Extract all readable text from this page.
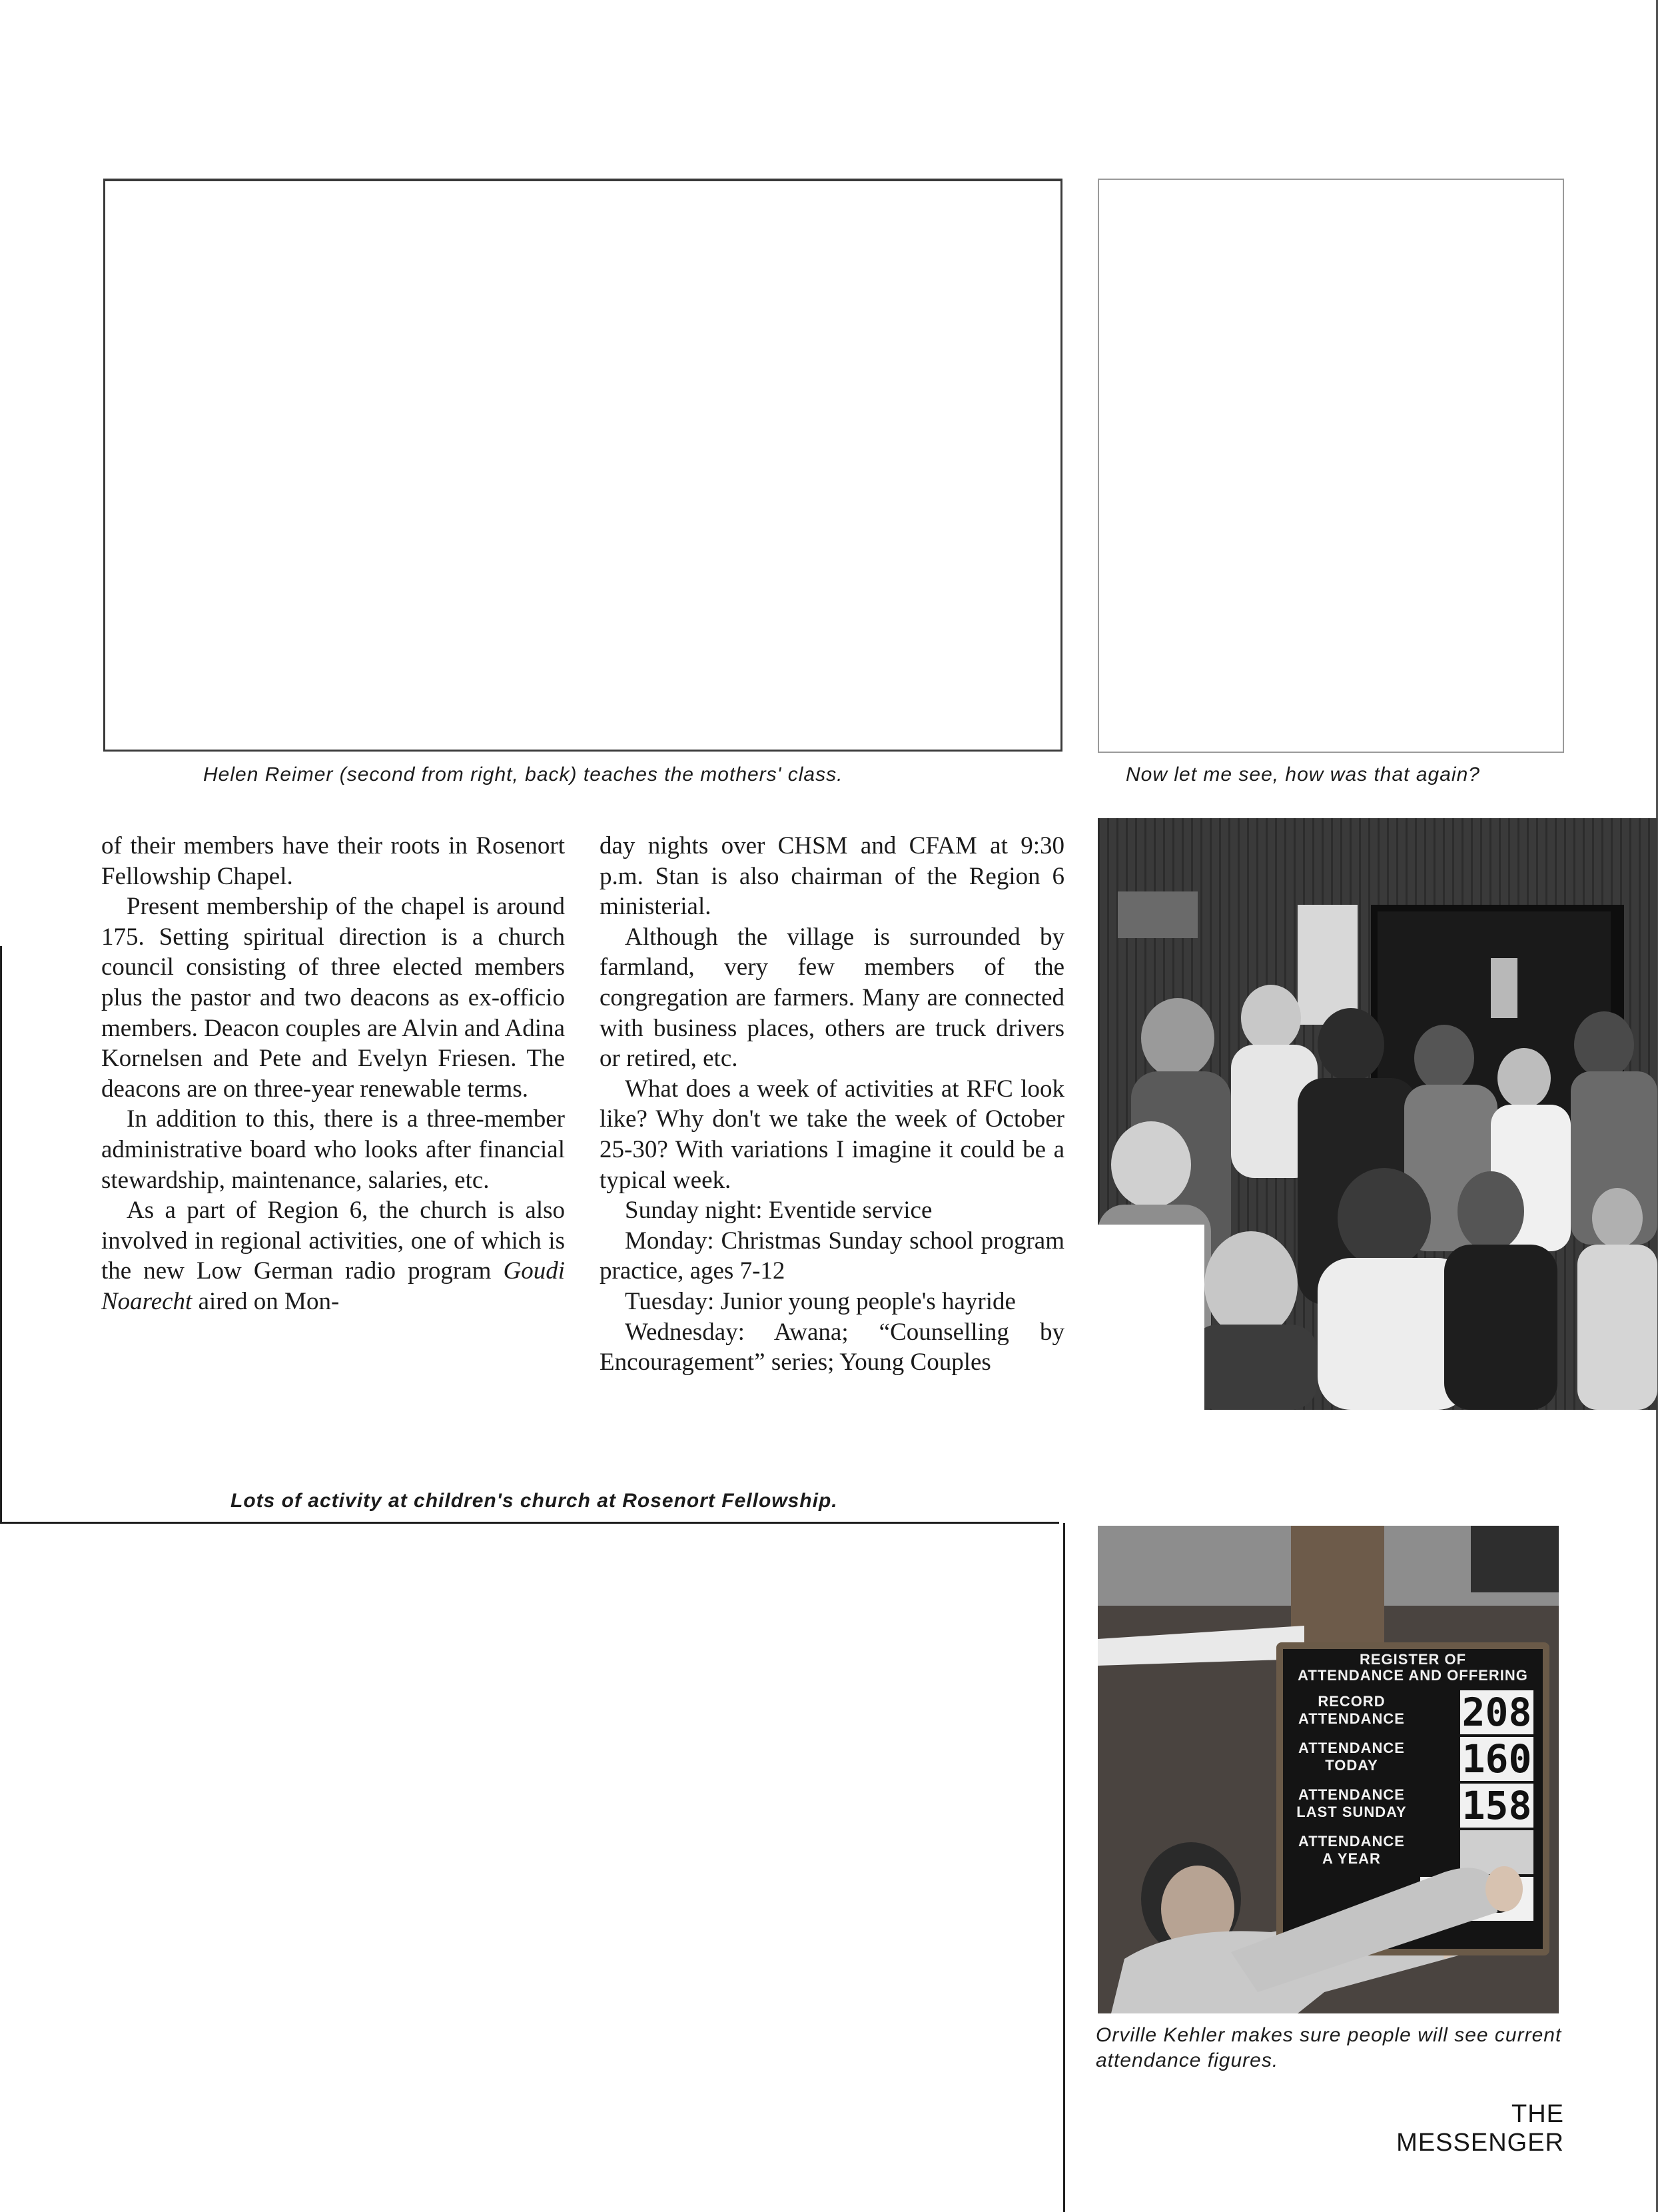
Helen Reimer (second from right, back) teaches the mothers' class.	Now let me see, how was that again?

of their members have their roots in Rosenort Fellowship Chapel.

Present membership of the chapel is around 175. Setting spiritual direction is a church council consisting of three elected members plus the pastor and two deacons as ex-officio members. Deacon couples are Alvin and Adina Kornelsen and Pete and Evelyn Friesen. The deacons are on three-year renewable terms.

In addition to this, there is a three-member administrative board who looks after financial stewardship, maintenance, salaries, etc.

As a part of Region 6, the church is also involved in regional activities, one of which is the new Low German radio program Goudi Noarecht aired on Mon-

day nights over CHSM and CFAM at 9:30 p.m. Stan is also chairman of the Region 6 ministerial.

Although the village is surrounded by farmland, very few members of the congregation are farmers. Many are connected with business places, others are truck drivers or retired, etc.

What does a week of activities at RFC look like? Why don't we take the week of October 25-30? With variations I imagine it could be a typical week.

Sunday night: Eventide service

Monday: Christmas Sunday school program practice, ages 7-12

Tuesday: Junior young people's hayride

Wednesday: Awana; “Counselling by Encouragement” series; Young Couples

Lots of activity at children's church at Rosenort Fellowship.
REGISTER OF
ATTENDANCE AND OFFERING
RECORD ATTENDANCE 208
ATTENDANCE TODAY	160
ATTENDANCE LAST SUNDAY 158
ATTENDANCE A YEAR
Orville Kehler makes sure people will see current attendance figures.
THE MESSENGER
